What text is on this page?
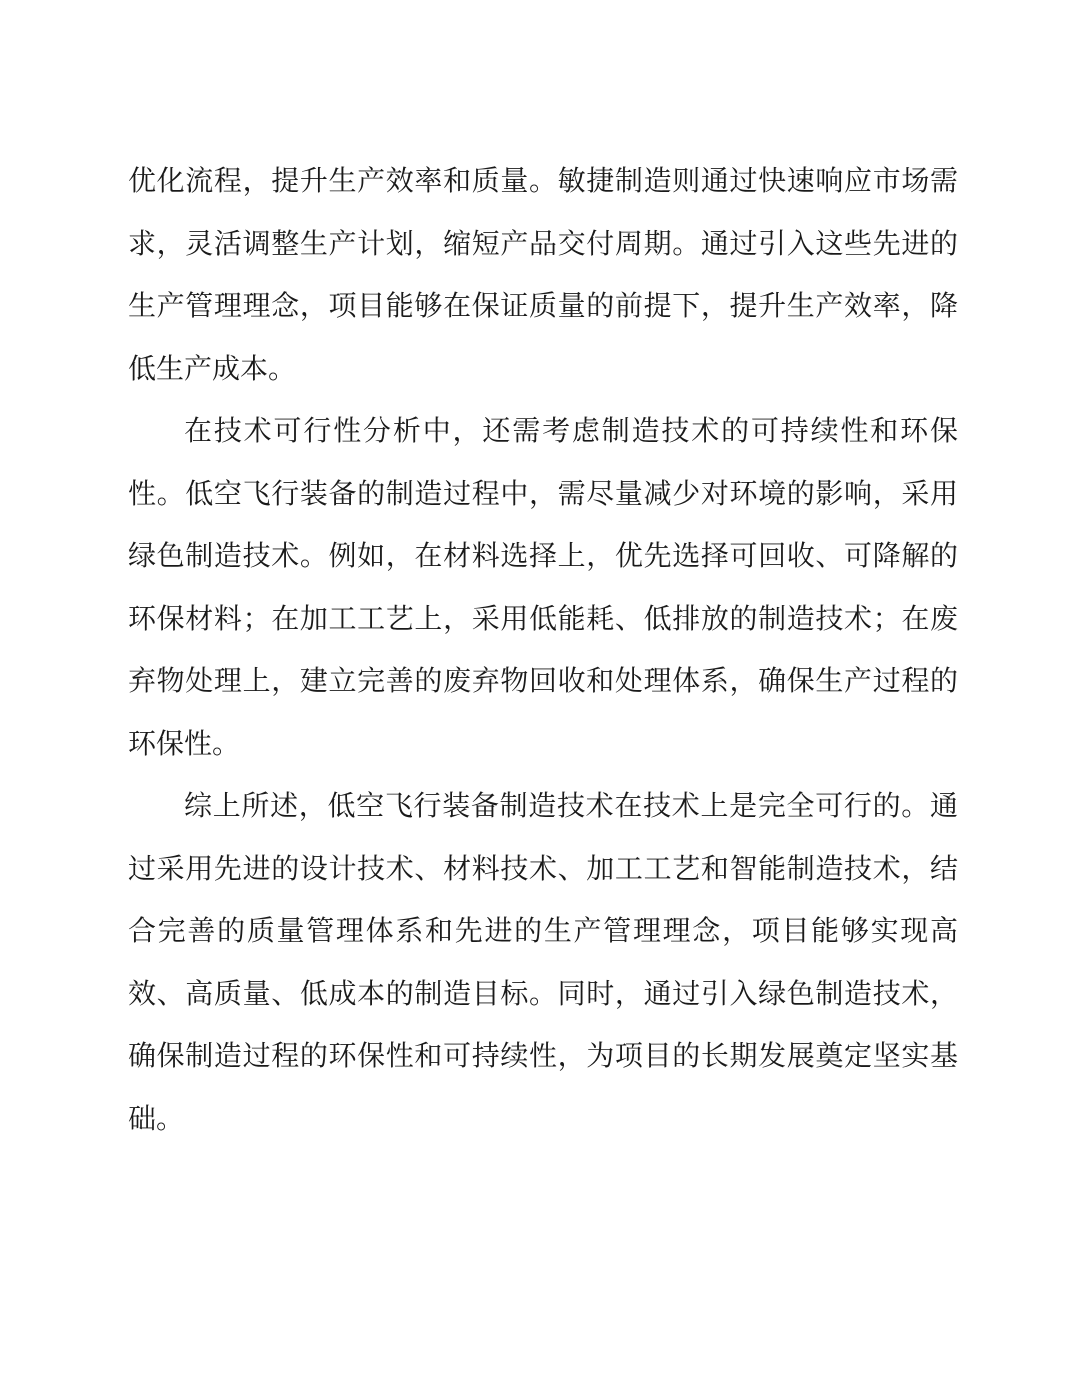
优化流程，提升生产效率和质量。敏捷制造则通过快速响应市场需求，灵活调整生产计划，缩短产品交付周期。通过引入这些先进的生产管理理念，项目能够在保证质量的前提下，提升生产效率，降低生产成本。

在技术可行性分析中，还需考虑制造技术的可持续性和环保性。低空飞行装备的制造过程中，需尽量减少对环境的影响，采用绿色制造技术。例如，在材料选择上，优先选择可回收、可降解的环保材料；在加工工艺上，采用低能耗、低排放的制造技术；在废弃物处理上，建立完善的废弃物回收和处理体系，确保生产过程的环保性。

综上所述，低空飞行装备制造技术在技术上是完全可行的。通过采用先进的设计技术、材料技术、加工工艺和智能制造技术，结合完善的质量管理体系和先进的生产管理理念，项目能够实现高效、高质量、低成本的制造目标。同时，通过引入绿色制造技术，确保制造过程的环保性和可持续性，为项目的长期发展奠定坚实基础。
